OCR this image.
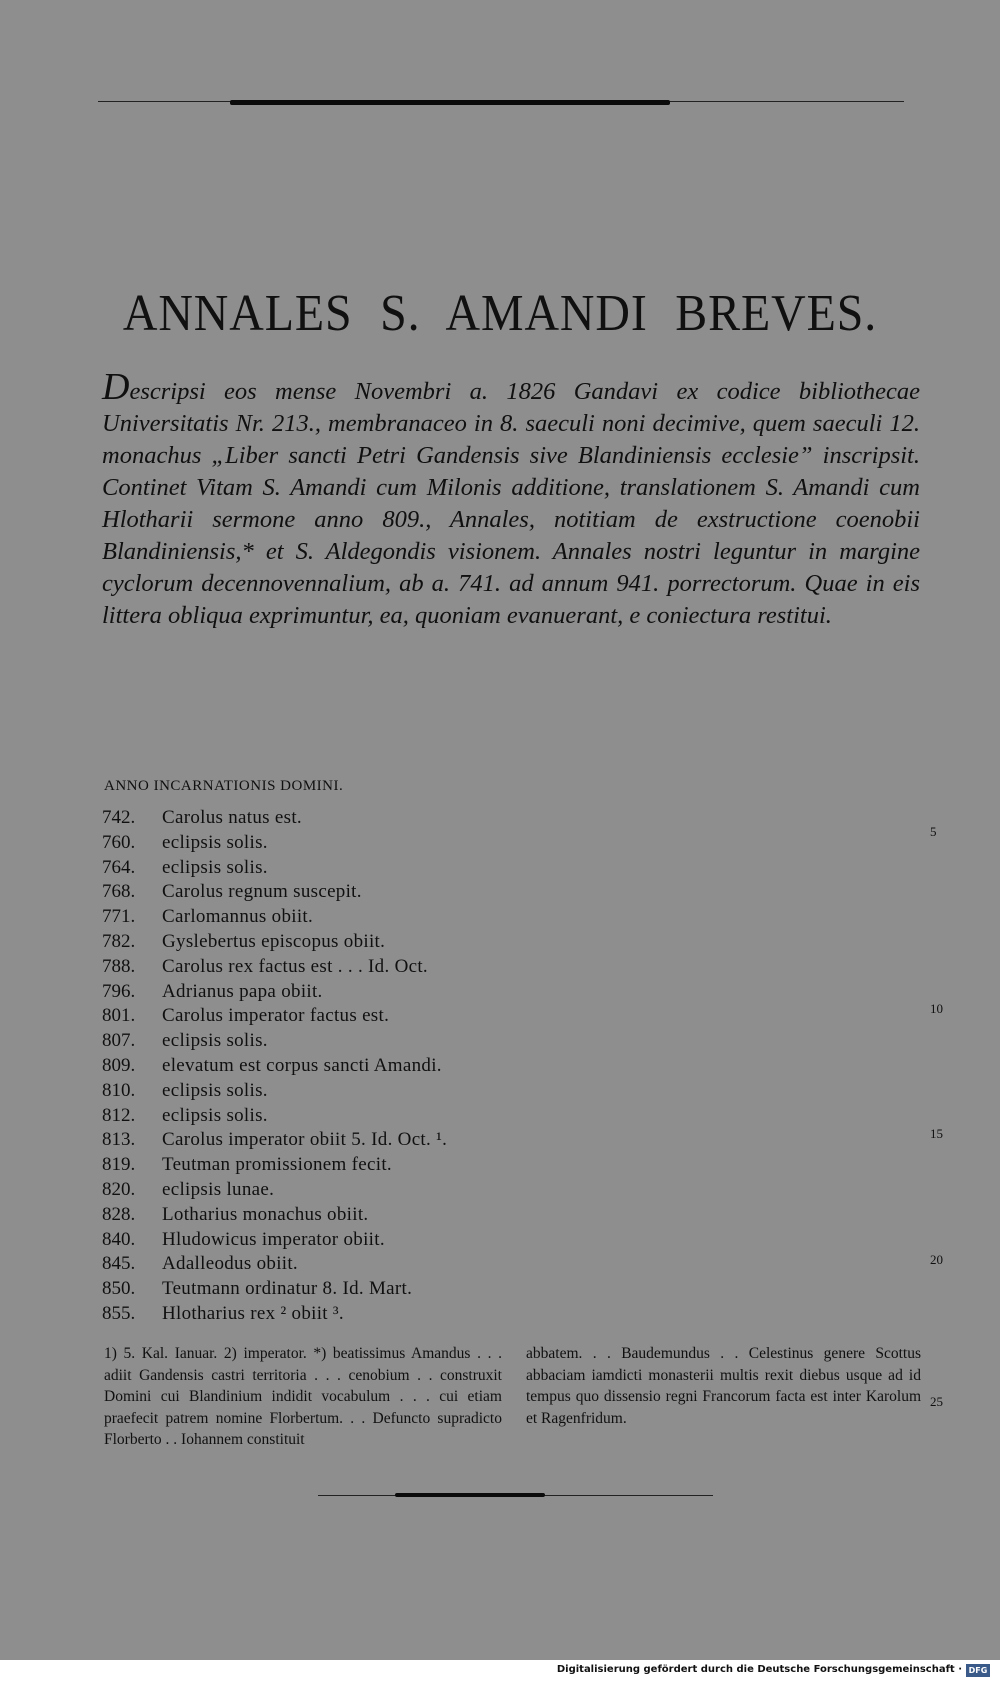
ANNALES S. AMANDI BREVES.

Descripsi eos mense Novembri a. 1826 Gandavi ex codice bibliothecae Universitatis Nr. 213., membranaceo in 8. saeculi noni decimive, quem saeculi 12. monachus „Liber sancti Petri Gandensis sive Blandiniensis ecclesie” inscripsit. Continet Vitam S. Amandi cum Milonis additione, translationem S. Amandi cum Hlotharii sermone anno 809., Annales, notitiam de exstructione coenobii Blandiniensis,* et S. Aldegondis visionem. Annales nostri leguntur in margine cyclorum decennovennalium, ab a. 741. ad annum 941. porrectorum. Quae in eis littera obliqua exprimuntur, ea, quoniam evanuerant, e coniectura restitui.

ANNO INCARNATIONIS DOMINI.
742. Carolus natus est.
760. eclipsis solis.
764. eclipsis solis.
768. Carolus regnum suscepit.
771. Carlomannus obiit.
782. Gyslebertus episcopus obiit.
788. Carolus rex factus est . . . Id. Oct.
796. Adrianus papa obiit.
801. Carolus imperator factus est.
807. eclipsis solis.
809. elevatum est corpus sancti Amandi.
810. eclipsis solis.
812. eclipsis solis.
813. Carolus imperator obiit 5. Id. Oct. ¹.
819. Teutman promissionem fecit.
820. eclipsis lunae.
828. Lotharius monachus obiit.
840. Hludowicus imperator obiit.
845. Adalleodus obiit.
850. Teutmann ordinatur 8. Id. Mart.
855. Hlotharius rex ² obiit ³.
5
10
15
20
25

1) 5. Kal. Ianuar. 2) imperator. *) beatissimus Amandus . . . adiit Gandensis castri territoria . . . cenobium . . construxit Domini cui Blandinium indidit vocabulum . . . cui etiam praefecit patrem nomine Florbertum. . . Defuncto supradicto Florberto . . Iohannem constituit

abbatem. . . Baudemundus . . Celestinus genere Scottus abbaciam iamdicti monasterii multis rexit diebus usque ad id tempus quo dissensio regni Francorum facta est inter Karolum et Ragenfridum.

Digitalisierung gefördert durch die Deutsche Forschungsgemeinschaft · DFG
